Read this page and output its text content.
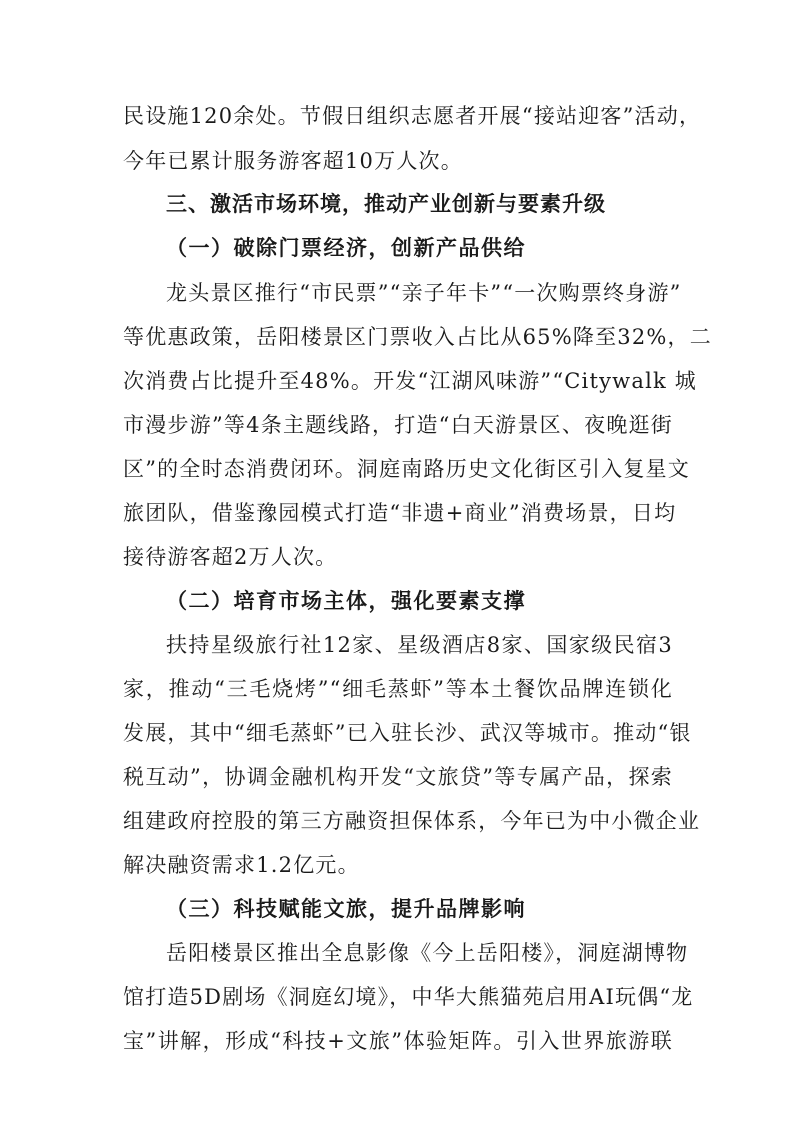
民设施120余处。节假日组织志愿者开展“接站迎客”活动，
今年已累计服务游客超10万人次。
三、激活市场环境，推动产业创新与要素升级
（一）破除门票经济，创新产品供给
龙头景区推行“市民票”“亲子年卡”“一次购票终身游”
等优惠政策，岳阳楼景区门票收入占比从65%降至32%，二
次消费占比提升至48%。开发“江湖风味游”“Citywalk 城
市漫步游”等4条主题线路，打造“白天游景区、夜晚逛街
区”的全时态消费闭环。洞庭南路历史文化街区引入复星文
旅团队，借鉴豫园模式打造“非遗+商业”消费场景，日均
接待游客超2万人次。
（二）培育市场主体，强化要素支撑
扶持星级旅行社12家、星级酒店8家、国家级民宿3
家，推动“三毛烧烤”“细毛蒸虾”等本土餐饮品牌连锁化
发展，其中“细毛蒸虾”已入驻长沙、武汉等城市。推动“银
税互动”，协调金融机构开发“文旅贷”等专属产品，探索
组建政府控股的第三方融资担保体系，今年已为中小微企业
解决融资需求1.2亿元。
（三）科技赋能文旅，提升品牌影响
岳阳楼景区推出全息影像《今上岳阳楼》，洞庭湖博物
馆打造5D剧场《洞庭幻境》，中华大熊猫苑启用AI玩偶“龙
宝”讲解，形成“科技+文旅”体验矩阵。引入世界旅游联
